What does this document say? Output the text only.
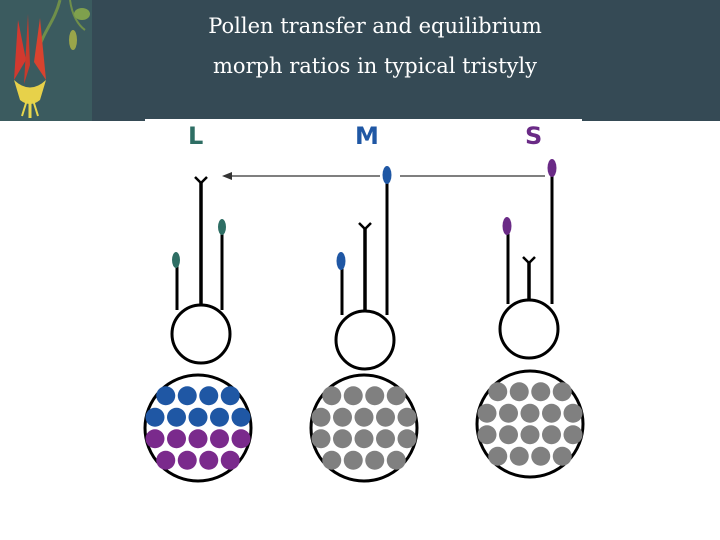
Pollen transfer and equilibrium
morph ratios in typical tristyly
L	M	S
